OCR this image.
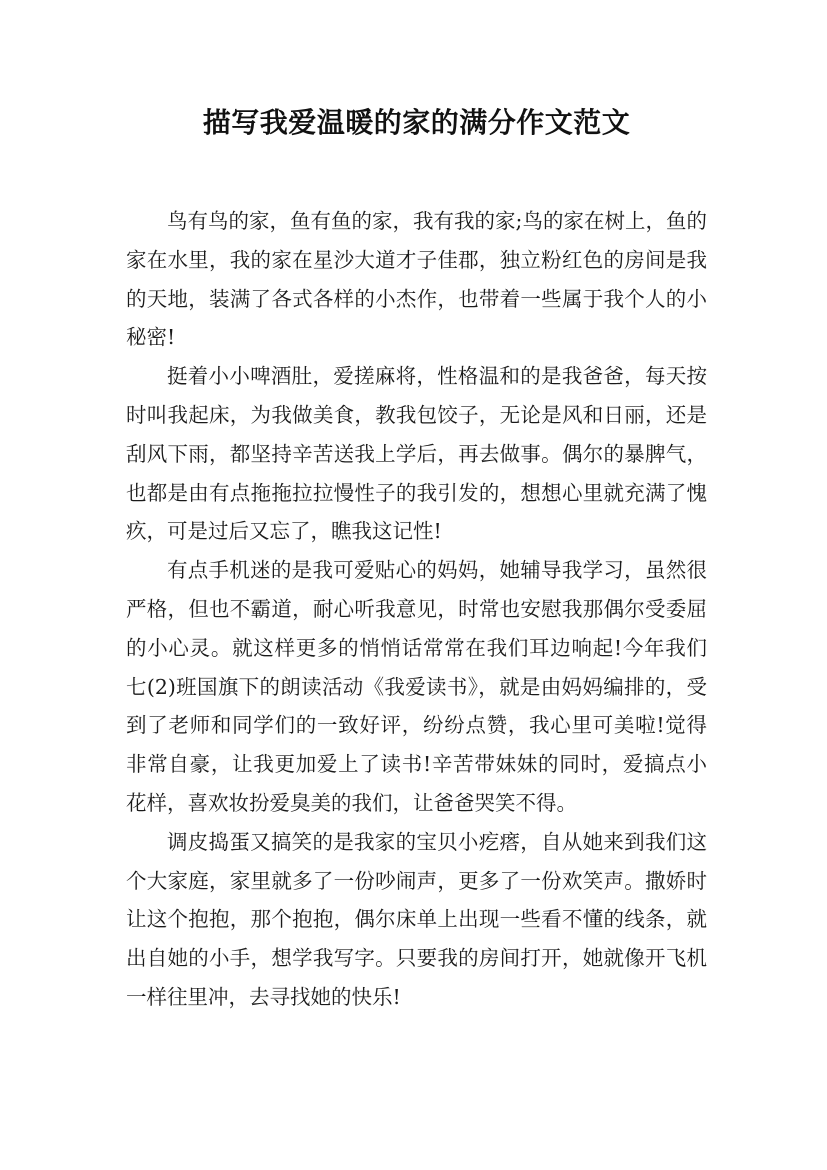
描写我爱温暖的家的满分作文范文

鸟有鸟的家，鱼有鱼的家，我有我的家;鸟的家在树上，鱼的家在水里，我的家在星沙大道才子佳郡，独立粉红色的房间是我的天地，装满了各式各样的小杰作，也带着一些属于我个人的小秘密!

挺着小小啤酒肚，爱搓麻将，性格温和的是我爸爸，每天按时叫我起床，为我做美食，教我包饺子，无论是风和日丽，还是刮风下雨，都坚持辛苦送我上学后，再去做事。偶尔的暴脾气，也都是由有点拖拖拉拉慢性子的我引发的，想想心里就充满了愧疚，可是过后又忘了，瞧我这记性!

有点手机迷的是我可爱贴心的妈妈，她辅导我学习，虽然很严格，但也不霸道，耐心听我意见，时常也安慰我那偶尔受委屈的小心灵。就这样更多的悄悄话常常在我们耳边响起!今年我们七(2)班国旗下的朗读活动《我爱读书》，就是由妈妈编排的，受到了老师和同学们的一致好评，纷纷点赞，我心里可美啦!觉得非常自豪，让我更加爱上了读书!辛苦带妹妹的同时，爱搞点小花样，喜欢妆扮爱臭美的我们，让爸爸哭笑不得。

调皮捣蛋又搞笑的是我家的宝贝小疙瘩，自从她来到我们这个大家庭，家里就多了一份吵闹声，更多了一份欢笑声。撒娇时让这个抱抱，那个抱抱，偶尔床单上出现一些看不懂的线条，就出自她的小手，想学我写字。只要我的房间打开，她就像开飞机一样往里冲，去寻找她的快乐!
